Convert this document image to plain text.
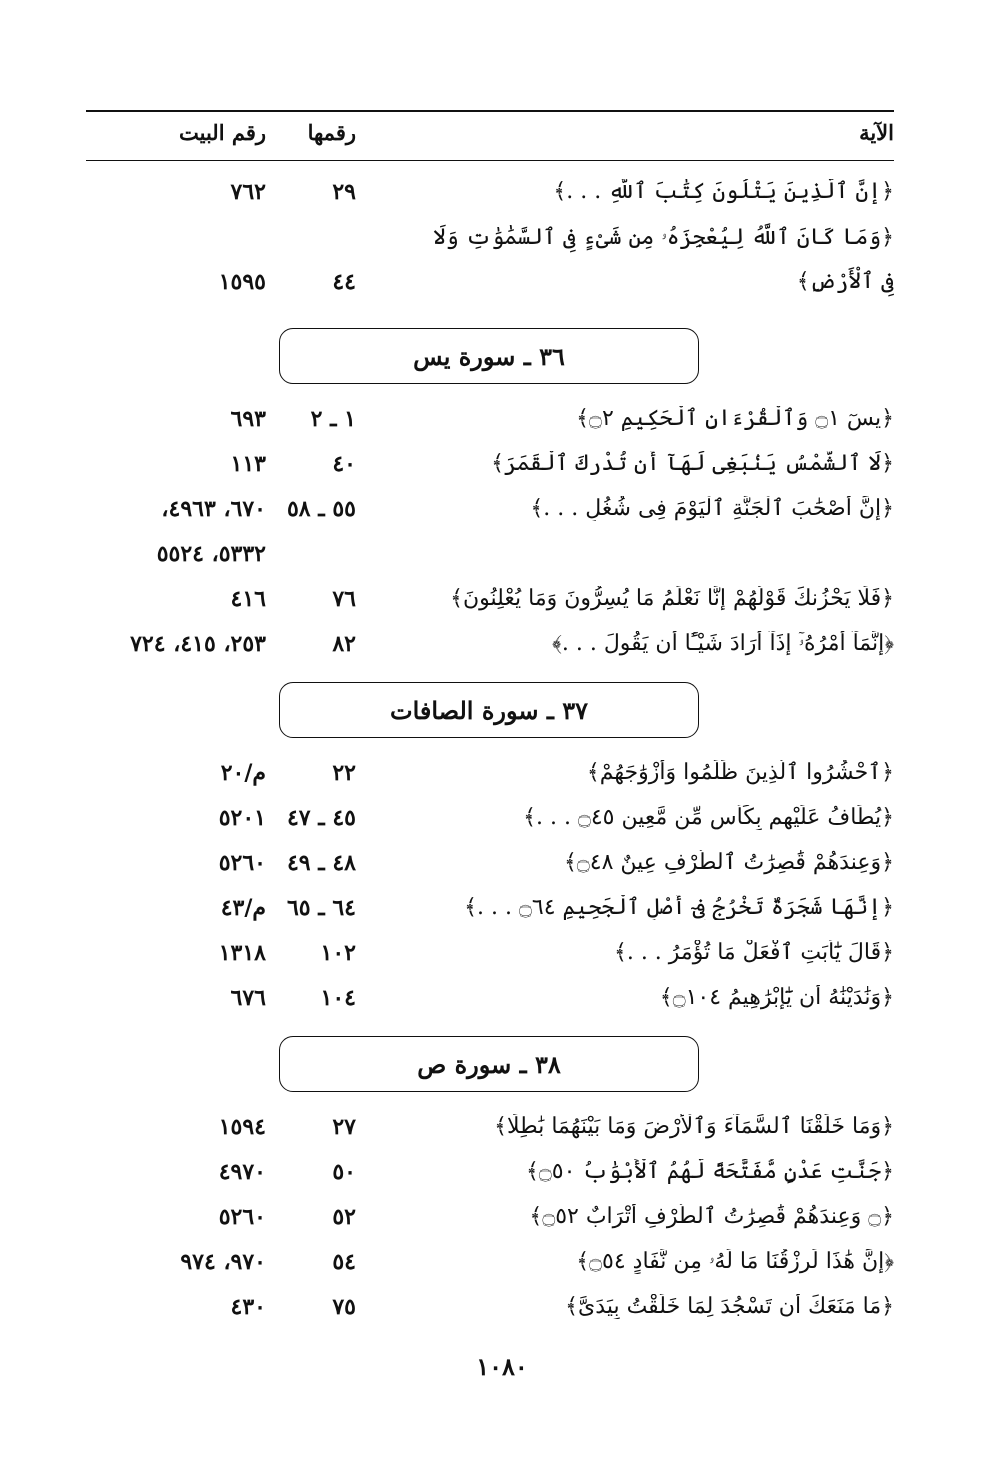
الآية
رقمها
رقم البيت
﴿إِنَّ ٱلَّذِينَ يَتْلُونَ كِتَٰبَ ٱللَّهِ . . .﴾
٢٩
٧٦٢
﴿وَمَا كَانَ ٱللَّهُ لِيُعْجِزَهُۥ مِن شَىْءٍ فِى ٱلسَّمَٰوَٰتِ وَلَا فِى ٱلْأَرْضِ﴾
٤٤
١٥٩٥
٣٦ ـ سورة يس
﴿يسٓ ۝١ وَٱلْقُرْءَانِ ٱلْحَكِيمِ ۝٢﴾
١ ـ ٢
٦٩٣
﴿لَا ٱلشَّمْسُ يَنۢبَغِى لَهَآ أَن تُدْرِكَ ٱلْقَمَرَ﴾
٤٠
١١٣
﴿إِنَّ أَصْحَٰبَ ٱلْجَنَّةِ ٱلْيَوْمَ فِى شُغُلٍ . . .﴾
٥٥ ـ ٥٨
٦٧٠، ٤٩٦٣،
٥٣٣٢، ٥٥٢٤
﴿فَلَا يَحْزُنكَ قَوْلُهُمْ إِنَّا نَعْلَمُ مَا يُسِرُّونَ وَمَا يُعْلِنُونَ﴾
٧٦
٤١٦
﴿إِنَّمَآ أَمْرُهُۥٓ إِذَآ أَرَادَ شَيْـًٔا أَن يَقُولَ . . .﴾
٨٢
٢٥٣، ٤١٥، ٧٢٤
٣٧ ـ سورة الصافات
﴿ٱحْشُرُوا ٱلَّذِينَ ظَلَمُوا وَأَزْوَٰجَهُمْ﴾
٢٢
م/٢٠
﴿يُطَافُ عَلَيْهِم بِكَأْسٍ مِّن مَّعِينٍ ۝٤٥ . . .﴾
٤٥ ـ ٤٧
٥٢٠١
﴿وَعِندَهُمْ قَٰصِرَٰتُ ٱلطَّرْفِ عِينٌ ۝٤٨﴾
٤٨ ـ ٤٩
٥٢٦٠
﴿إِنَّهَا شَجَرَةٌ تَخْرُجُ فِىٓ أَصْلِ ٱلْجَحِيمِ ۝٦٤ . . .﴾
٦٤ ـ ٦٥
م/٤٣
﴿قَالَ يَٰٓأَبَتِ ٱفْعَلْ مَا تُؤْمَرُ . . .﴾
١٠٢
١٣١٨
﴿وَنَٰدَيْنَٰهُ أَن يَٰٓإِبْرَٰهِيمُ ۝١٠٤﴾
١٠٤
٦٧٦
٣٨ ـ سورة ص
﴿وَمَا خَلَقْنَا ٱلسَّمَآءَ وَٱلْأَرْضَ وَمَا بَيْنَهُمَا بَٰطِلًا﴾
٢٧
١٥٩٤
﴿جَنَّٰتِ عَدْنٍ مُّفَتَّحَةً لَّهُمُ ٱلْأَبْوَٰبُ ۝٥٠﴾
٥٠
٤٩٧٠
﴿۝ وَعِندَهُمْ قَٰصِرَٰتُ ٱلطَّرْفِ أَتْرَابٌ ۝٥٢﴾
٥٢
٥٢٦٠
﴿إِنَّ هَٰذَا لَرِزْقُنَا مَا لَهُۥ مِن نَّفَادٍ ۝٥٤﴾
٥٤
٩٧٠، ٩٧٤
﴿مَا مَنَعَكَ أَن تَسْجُدَ لِمَا خَلَقْتُ بِيَدَىَّ﴾
٧٥
٤٣٠
١٠٨٠
